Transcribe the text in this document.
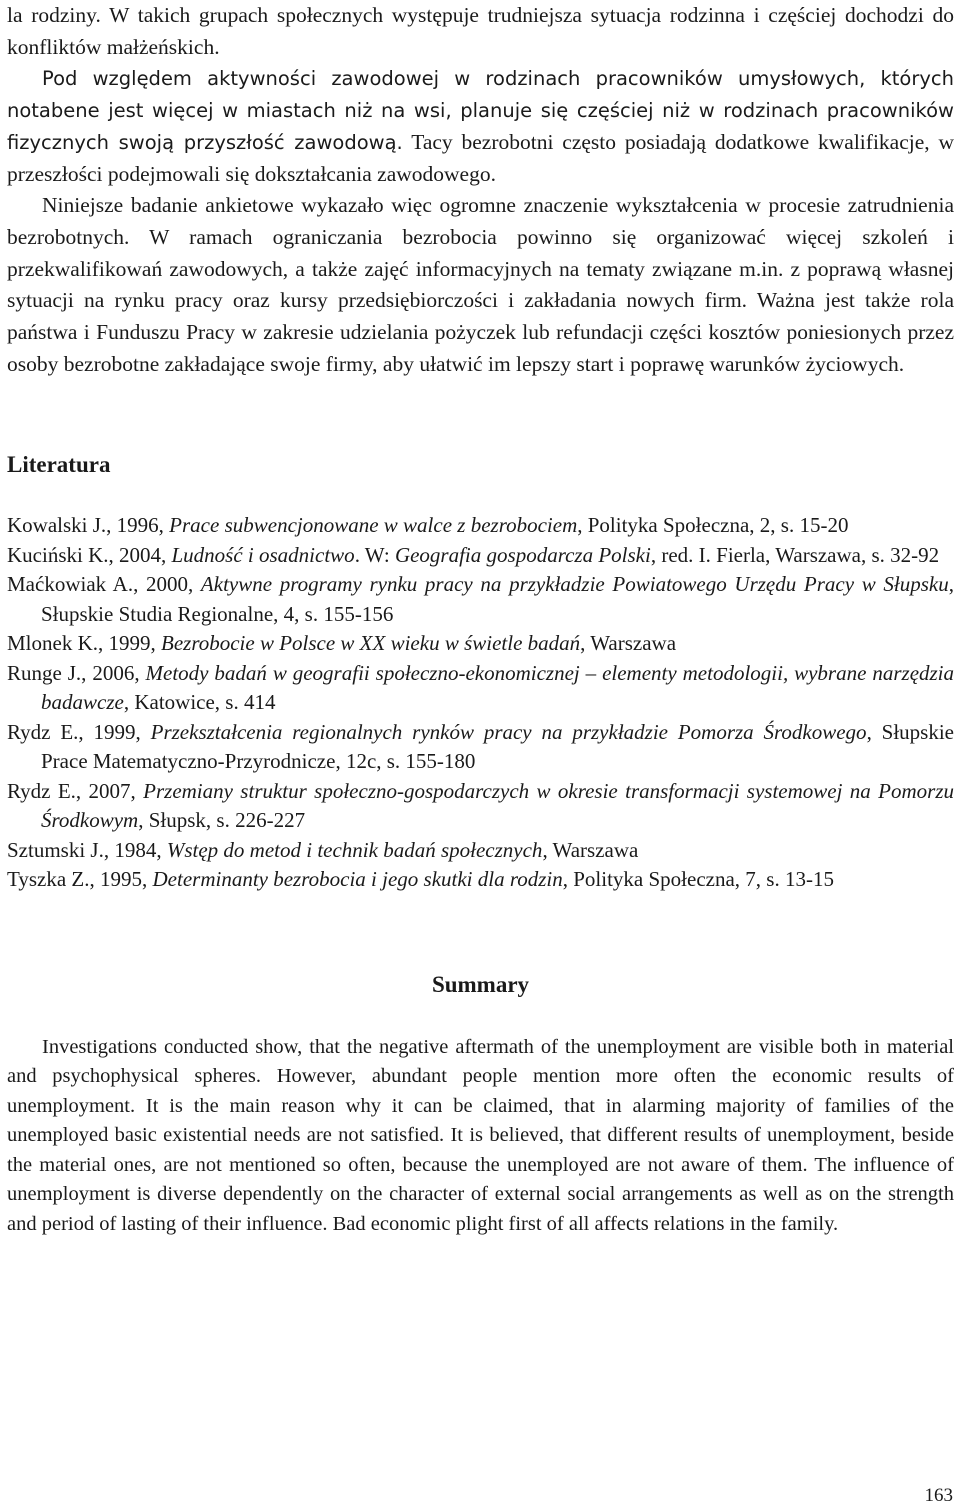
la rodziny. W takich grupach społecznych występuje trudniejsza sytuacja rodzinna i częściej dochodzi do konfliktów małżeńskich.

Pod względem aktywności zawodowej w rodzinach pracowników umysłowych, których notabene jest więcej w miastach niż na wsi, planuje się częściej niż w rodzinach pracowników fizycznych swoją przyszłość zawodową. Tacy bezrobotni często posiadają dodatkowe kwalifikacje, w przeszłości podejmowali się dokształcania zawodowego.

Niniejsze badanie ankietowe wykazało więc ogromne znaczenie wykształcenia w procesie zatrudnienia bezrobotnych. W ramach ograniczania bezrobocia powinno się organizować więcej szkoleń i przekwalifikowań zawodowych, a także zajęć informacyjnych na tematy związane m.in. z poprawą własnej sytuacji na rynku pracy oraz kursy przedsiębiorczości i zakładania nowych firm. Ważna jest także rola państwa i Funduszu Pracy w zakresie udzielania pożyczek lub refundacji części kosztów poniesionych przez osoby bezrobotne zakładające swoje firmy, aby ułatwić im lepszy start i poprawę warunków życiowych.

Literatura
Kowalski J., 1996, Prace subwencjonowane w walce z bezrobociem, Polityka Społeczna, 2, s. 15-20
Kuciński K., 2004, Ludność i osadnictwo. W: Geografia gospodarcza Polski, red. I. Fierla, Warszawa, s. 32-92
Maćkowiak A., 2000, Aktywne programy rynku pracy na przykładzie Powiatowego Urzędu Pracy w Słupsku, Słupskie Studia Regionalne, 4, s. 155-156
Mlonek K., 1999, Bezrobocie w Polsce w XX wieku w świetle badań, Warszawa
Runge J., 2006, Metody badań w geografii społeczno-ekonomicznej – elementy metodologii, wybrane narzędzia badawcze, Katowice, s. 414
Rydz E., 1999, Przekształcenia regionalnych rynków pracy na przykładzie Pomorza Środkowego, Słupskie Prace Matematyczno-Przyrodnicze, 12c, s. 155-180
Rydz E., 2007, Przemiany struktur społeczno-gospodarczych w okresie transformacji systemowej na Pomorzu Środkowym, Słupsk, s. 226-227
Sztumski J., 1984, Wstęp do metod i technik badań społecznych, Warszawa
Tyszka Z., 1995, Determinanty bezrobocia i jego skutki dla rodzin, Polityka Społeczna, 7, s. 13-15
Summary

Investigations conducted show, that the negative aftermath of the unemployment are visible both in material and psychophysical spheres. However, abundant people mention more often the economic results of unemployment. It is the main reason why it can be claimed, that in alarming majority of families of the unemployed basic existential needs are not satisfied. It is believed, that different results of unemployment, beside the material ones, are not mentioned so often, because the unemployed are not aware of them. The influence of unemployment is diverse dependently on the character of external social arrangements as well as on the strength and period of lasting of their influence. Bad economic plight first of all affects relations in the family.

163
